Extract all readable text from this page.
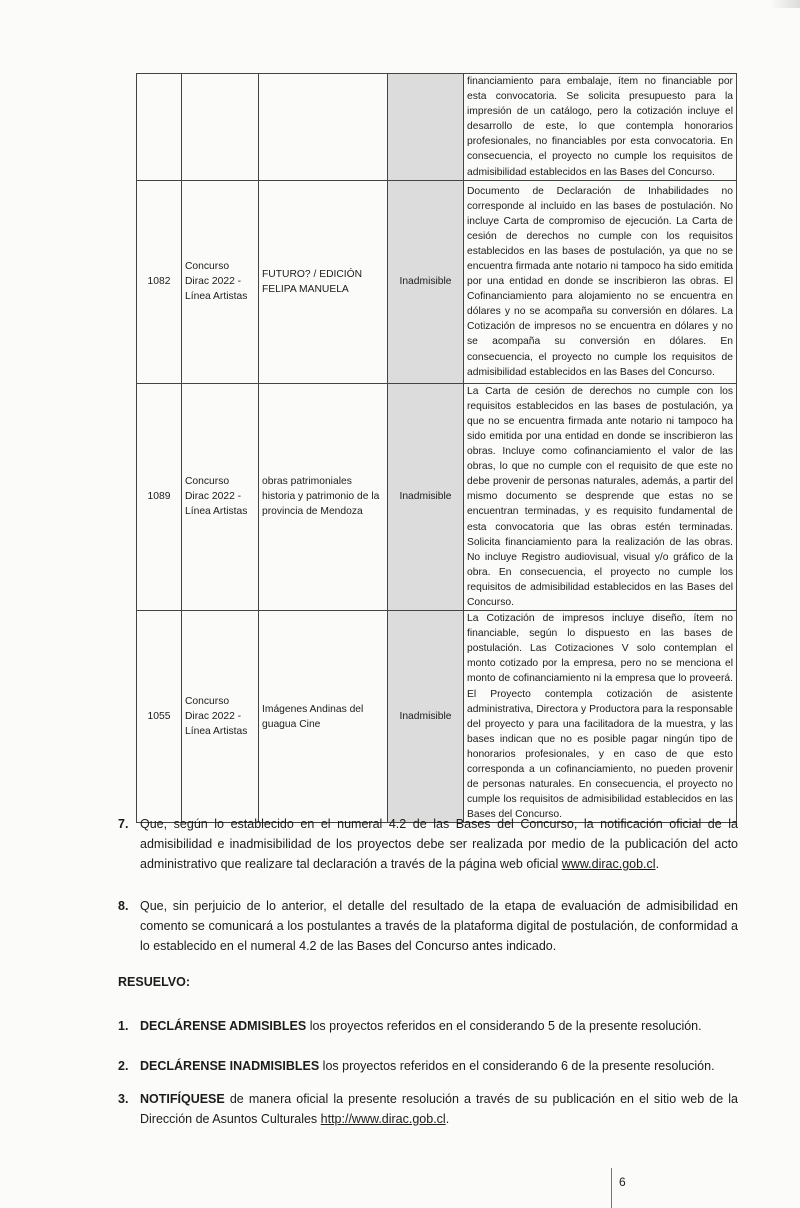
				financiamiento para embalaje, ítem no financiable por esta convocatoria. Se solicita presupuesto para la impresión de un catálogo, pero la cotización incluye el desarrollo de este, lo que contempla honorarios profesionales, no financiables por esta convocatoria. En consecuencia, el proyecto no cumple los requisitos de admisibilidad establecidos en las Bases del Concurso.
1082	Concurso Dirac 2022 - Línea Artistas	FUTURO? / EDICIÓN FELIPA MANUELA	Inadmisible	Documento de Declaración de Inhabilidades no corresponde al incluido en las bases de postulación. No incluye Carta de compromiso de ejecución. La Carta de cesión de derechos no cumple con los requisitos establecidos en las bases de postulación, ya que no se encuentra firmada ante notario ni tampoco ha sido emitida por una entidad en donde se inscribieron las obras. El Cofinanciamiento para alojamiento no se encuentra en dólares y no se acompaña su conversión en dólares. La Cotización de impresos no se encuentra en dólares y no se acompaña su conversión en dólares. En consecuencia, el proyecto no cumple los requisitos de admisibilidad establecidos en las Bases del Concurso.
1089	Concurso Dirac 2022 - Línea Artistas	obras patrimoniales historia y patrimonio de la provincia de Mendoza	Inadmisible	La Carta de cesión de derechos no cumple con los requisitos establecidos en las bases de postulación, ya que no se encuentra firmada ante notario ni tampoco ha sido emitida por una entidad en donde se inscribieron las obras. Incluye como cofinanciamiento el valor de las obras, lo que no cumple con el requisito de que este no debe provenir de personas naturales, además, a partir del mismo documento se desprende que estas no se encuentran terminadas, y es requisito fundamental de esta convocatoria que las obras estén terminadas. Solicita financiamiento para la realización de las obras. No incluye Registro audiovisual, visual y/o gráfico de la obra. En consecuencia, el proyecto no cumple los requisitos de admisibilidad establecidos en las Bases del Concurso.
1055	Concurso Dirac 2022 - Línea Artistas	Imágenes Andinas del guagua Cine	Inadmisible	La Cotización de impresos incluye diseño, ítem no financiable, según lo dispuesto en las bases de postulación. Las Cotizaciones V solo contemplan el monto cotizado por la empresa, pero no se menciona el monto de cofinanciamiento ni la empresa que lo proveerá. El Proyecto contempla cotización de asistente administrativa, Directora y Productora para la responsable del proyecto y para una facilitadora de la muestra, y las bases indican que no es posible pagar ningún tipo de honorarios profesionales, y en caso de que esto corresponda a un cofinanciamiento, no pueden provenir de personas naturales. En consecuencia, el proyecto no cumple los requisitos de admisibilidad establecidos en las Bases del Concurso.
7. Que, según lo establecido en el numeral 4.2 de las Bases del Concurso, la notificación oficial de la admisibilidad e inadmisibilidad de los proyectos debe ser realizada por medio de la publicación del acto administrativo que realizare tal declaración a través de la página web oficial www.dirac.gob.cl.
8. Que, sin perjuicio de lo anterior, el detalle del resultado de la etapa de evaluación de admisibilidad en comento se comunicará a los postulantes a través de la plataforma digital de postulación, de conformidad a lo establecido en el numeral 4.2 de las Bases del Concurso antes indicado.
RESUELVO:
1. DECLÁRENSE ADMISIBLES los proyectos referidos en el considerando 5 de la presente resolución.
2. DECLÁRENSE INADMISIBLES los proyectos referidos en el considerando 6 de la presente resolución.
3. NOTIFÍQUESE de manera oficial la presente resolución a través de su publicación en el sitio web de la Dirección de Asuntos Culturales http://www.dirac.gob.cl.
6
